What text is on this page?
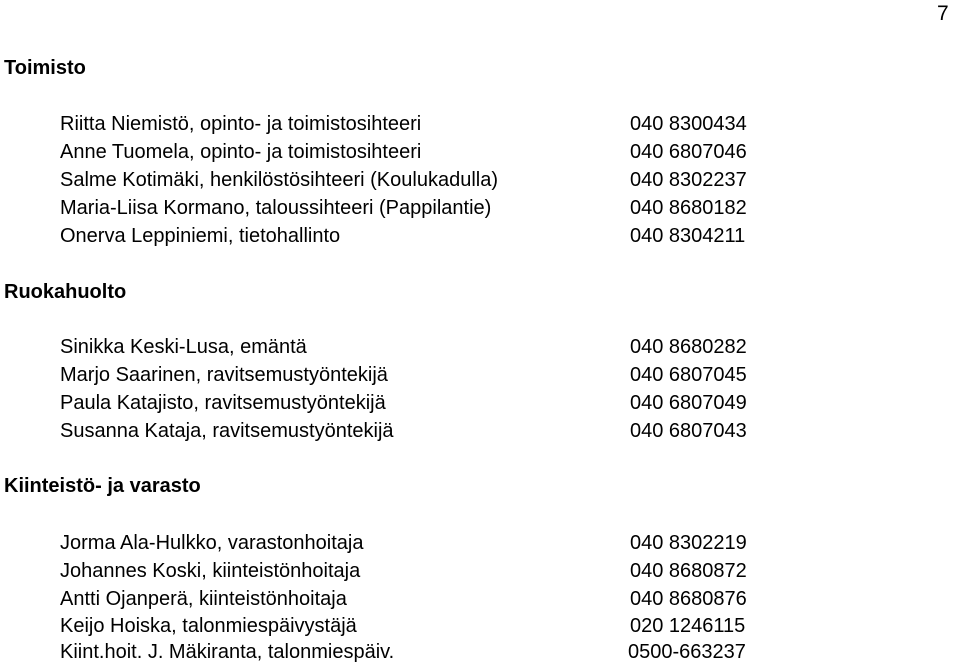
7
Toimisto
Riitta Niemistö, opinto- ja toimistosihteeri	040 8300434
Anne Tuomela, opinto- ja toimistosihteeri	040 6807046
Salme Kotimäki, henkilöstösihteeri (Koulukadulla)	040 8302237
Maria-Liisa Kormano, taloussihteeri (Pappilantie)	040 8680182
Onerva Leppiniemi, tietohallinto	040 8304211
Ruokahuolto
Sinikka Keski-Lusa, emäntä	040 8680282
Marjo Saarinen, ravitsemustyöntekijä	040 6807045
Paula Katajisto, ravitsemustyöntekijä	040 6807049
Susanna Kataja, ravitsemustyöntekijä	040 6807043
Kiinteistö- ja varasto
Jorma Ala-Hulkko, varastonhoitaja	040 8302219
Johannes Koski, kiinteistönhoitaja	040 8680872
Antti Ojanperä, kiinteistönhoitaja	040 8680876
Keijo Hoiska, talonmiespäivystäjä	020 1246115
Kiint.hoit. J. Mäkiranta, talonmiespäiv.	0500-663237
